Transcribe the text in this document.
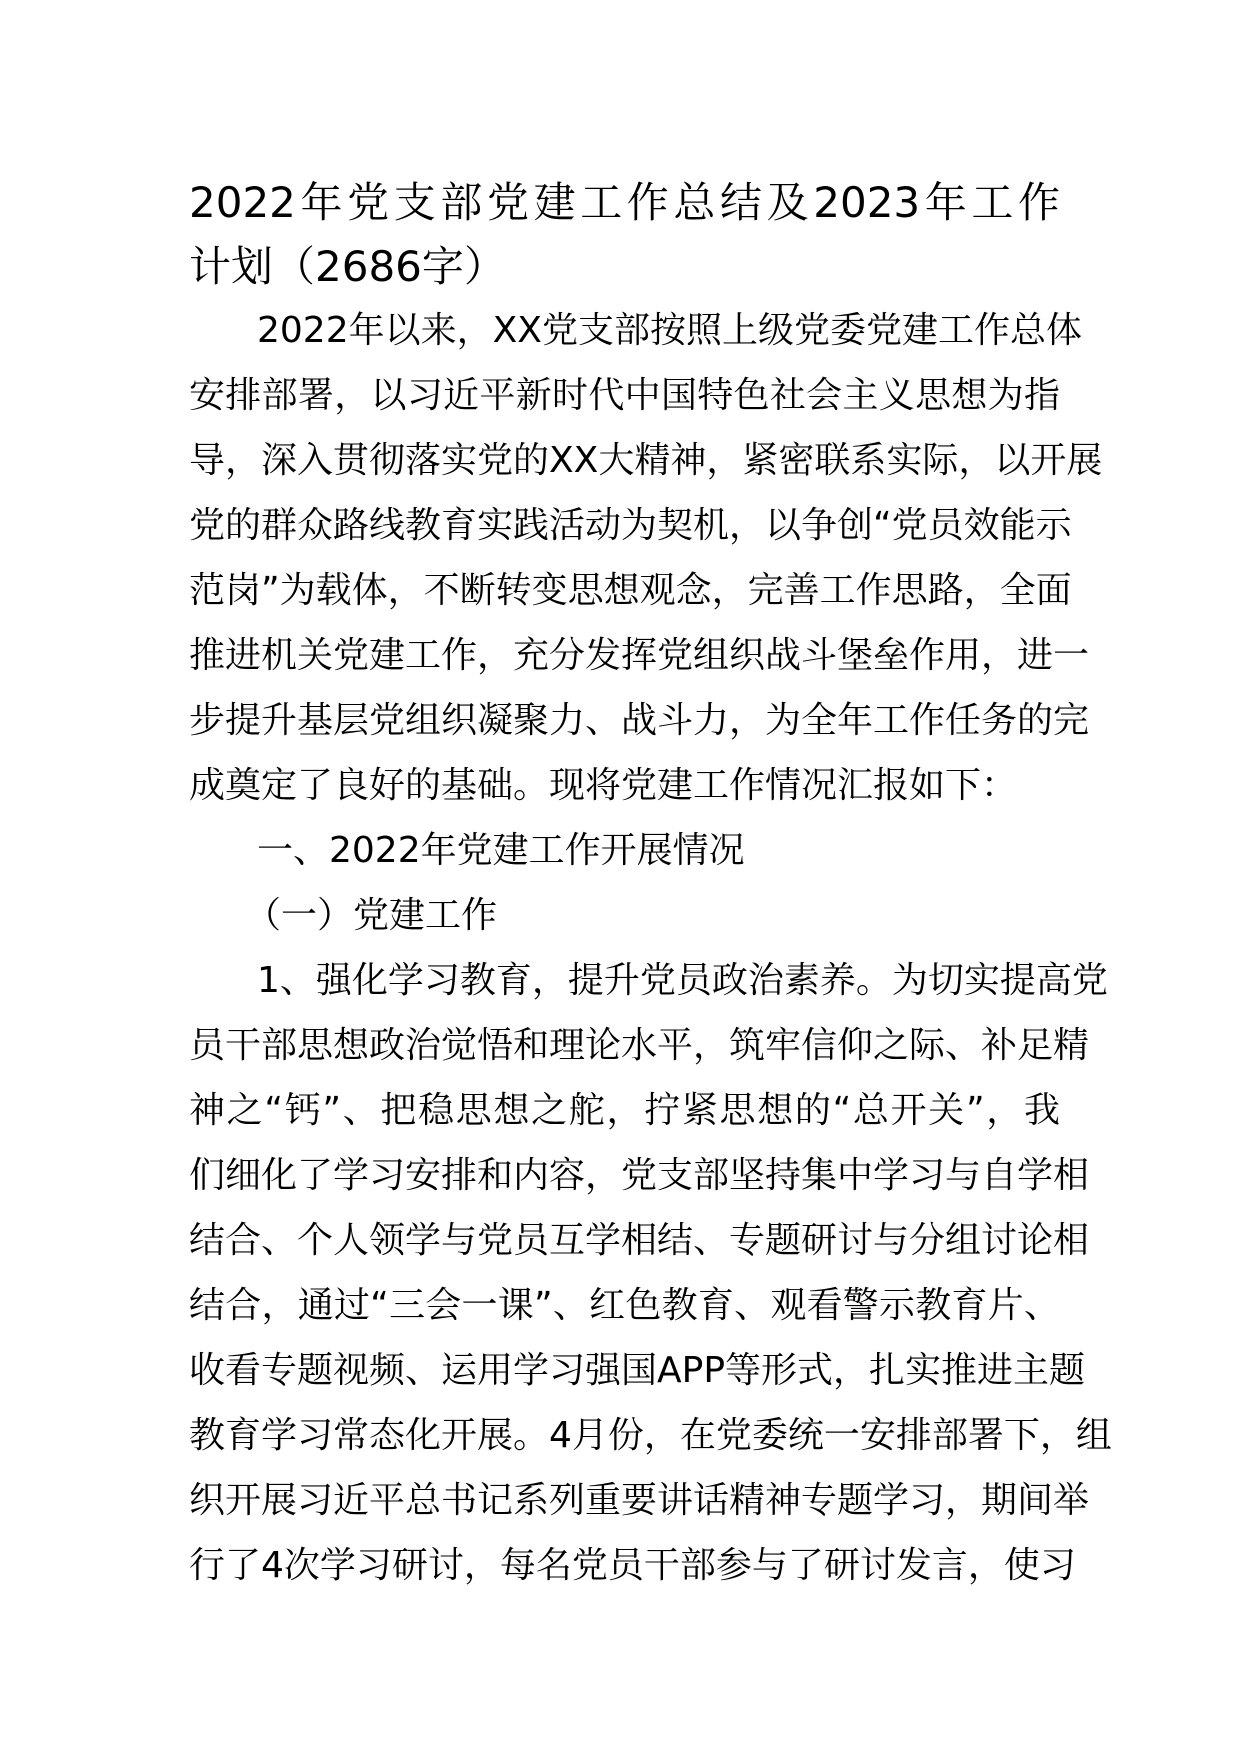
2022年党支部党建工作总结及2023年工作
计划（2686字）
2022年以来，XX党支部按照上级党委党建工作总体
安排部署，以习近平新时代中国特色社会主义思想为指
导，深入贯彻落实党的XX大精神，紧密联系实际，以开展
党的群众路线教育实践活动为契机，以争创“党员效能示
范岗”为载体，不断转变思想观念，完善工作思路，全面
推进机关党建工作，充分发挥党组织战斗堡垒作用，进一
步提升基层党组织凝聚力、战斗力，为全年工作任务的完
成奠定了良好的基础。现将党建工作情况汇报如下：
一、2022年党建工作开展情况
（一）党建工作
1、强化学习教育，提升党员政治素养。为切实提高党
员干部思想政治觉悟和理论水平，筑牢信仰之际、补足精
神之“钙”、把稳思想之舵，拧紧思想的“总开关”，我
们细化了学习安排和内容，党支部坚持集中学习与自学相
结合、个人领学与党员互学相结、专题研讨与分组讨论相
结合，通过“三会一课”、红色教育、观看警示教育片、
收看专题视频、运用学习强国APP等形式，扎实推进主题
教育学习常态化开展。4月份，在党委统一安排部署下，组
织开展习近平总书记系列重要讲话精神专题学习，期间举
行了4次学习研讨，每名党员干部参与了研讨发言，使习
